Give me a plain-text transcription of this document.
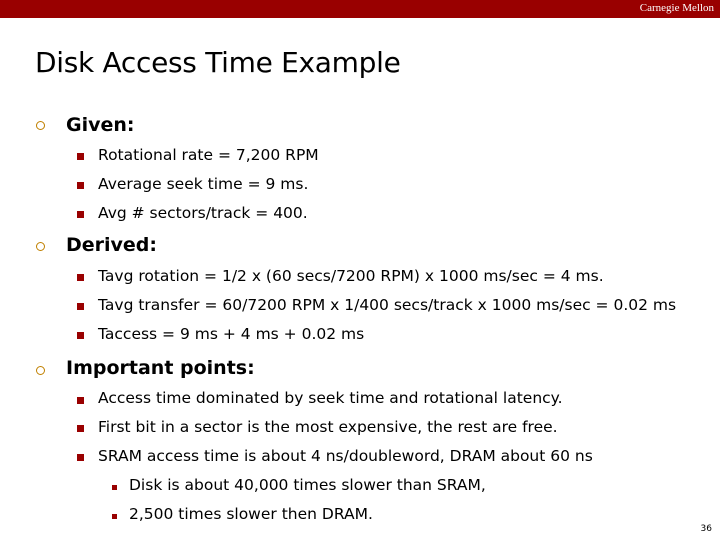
Carnegie Mellon
Disk Access Time Example
Given:
Rotational rate = 7,200 RPM
Average seek time = 9 ms.
Avg # sectors/track = 400.
Derived:
Tavg rotation = 1/2 x (60 secs/7200 RPM) x 1000 ms/sec = 4 ms.
Tavg transfer = 60/7200 RPM x 1/400 secs/track x 1000 ms/sec = 0.02 ms
Taccess = 9 ms + 4 ms + 0.02 ms
Important points:
Access time dominated by seek time and rotational latency.
First bit in a sector is the most expensive, the rest are free.
SRAM access time is about 4 ns/doubleword, DRAM about 60 ns
Disk is about 40,000 times slower than SRAM,
2,500 times slower then DRAM.
36
